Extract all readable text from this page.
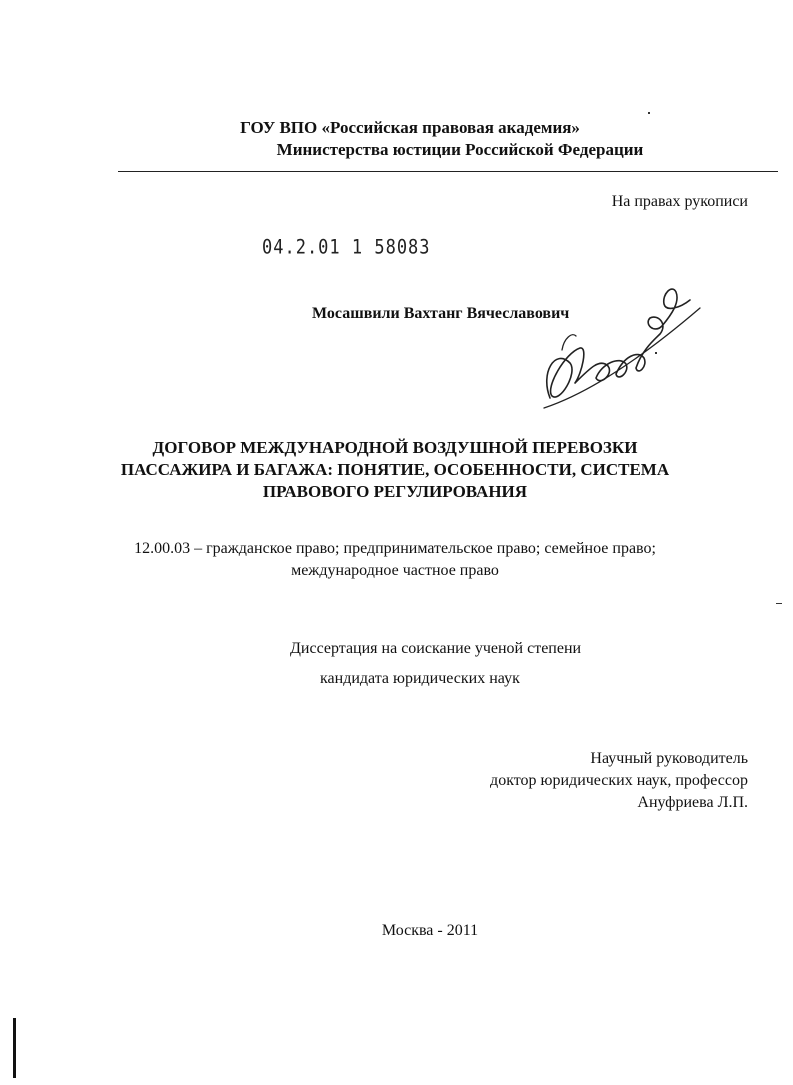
ГОУ ВПО «Российская правовая академия»
Министерства юстиции Российской Федерации
На правах рукописи
04.2.01 1 58083
Мосашвили Вахтанг Вячеславович
ДОГОВОР МЕЖДУНАРОДНОЙ ВОЗДУШНОЙ ПЕРЕВОЗКИ
ПАССАЖИРА И БАГАЖА: ПОНЯТИЕ, ОСОБЕННОСТИ, СИСТЕМА
ПРАВОВОГО РЕГУЛИРОВАНИЯ
12.00.03 – гражданское право; предпринимательское право; семейное право;
международное частное право
Диссертация на соискание ученой степени
кандидата юридических наук
Научный руководитель
доктор юридических наук, профессор
Ануфриева Л.П.
Москва - 2011
